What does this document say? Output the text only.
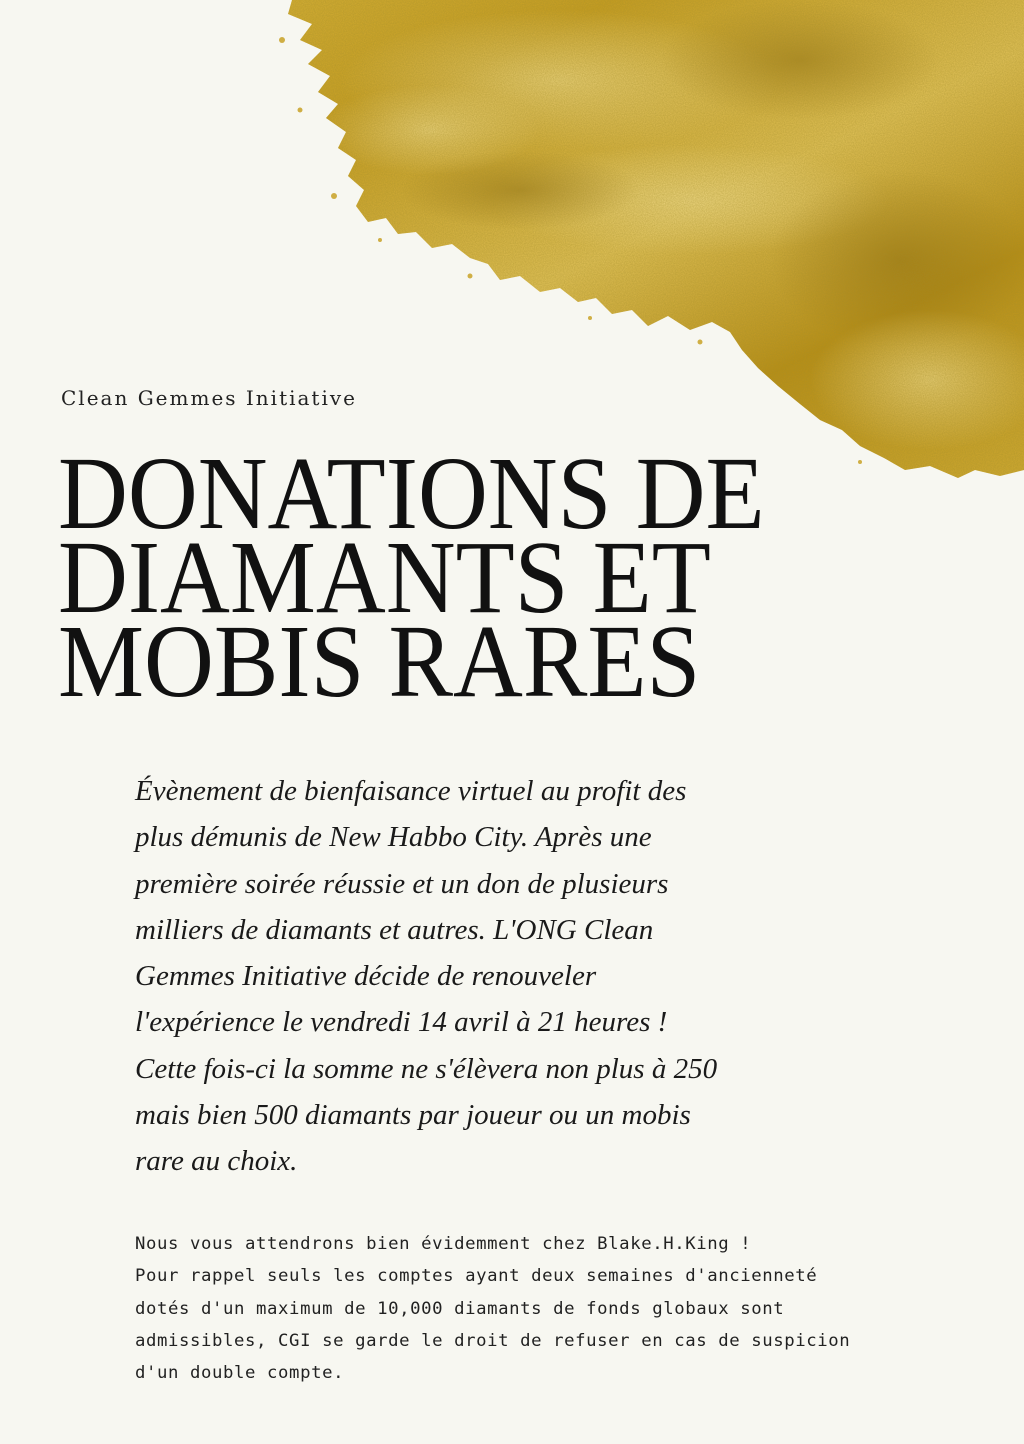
Clean Gemmes Initiative

DONATIONS DE
DIAMANTS ET
MOBIS RARES

Évènement de bienfaisance virtuel au profit des
plus démunis de New Habbo City. Après une
première soirée réussie et un don de plusieurs
milliers de diamants et autres. L'ONG Clean
Gemmes Initiative décide de renouveler
l'expérience le vendredi 14 avril à 21 heures !
Cette fois-ci la somme ne s'élèvera non plus à 250
mais bien 500 diamants par joueur ou un mobis
rare au choix.

Nous vous attendrons bien évidemment chez Blake.H.King !
Pour rappel seuls les comptes ayant deux semaines d'ancienneté
dotés d'un maximum de 10,000 diamants de fonds globaux sont
admissibles, CGI se garde le droit de refuser en cas de suspicion
d'un double compte.
